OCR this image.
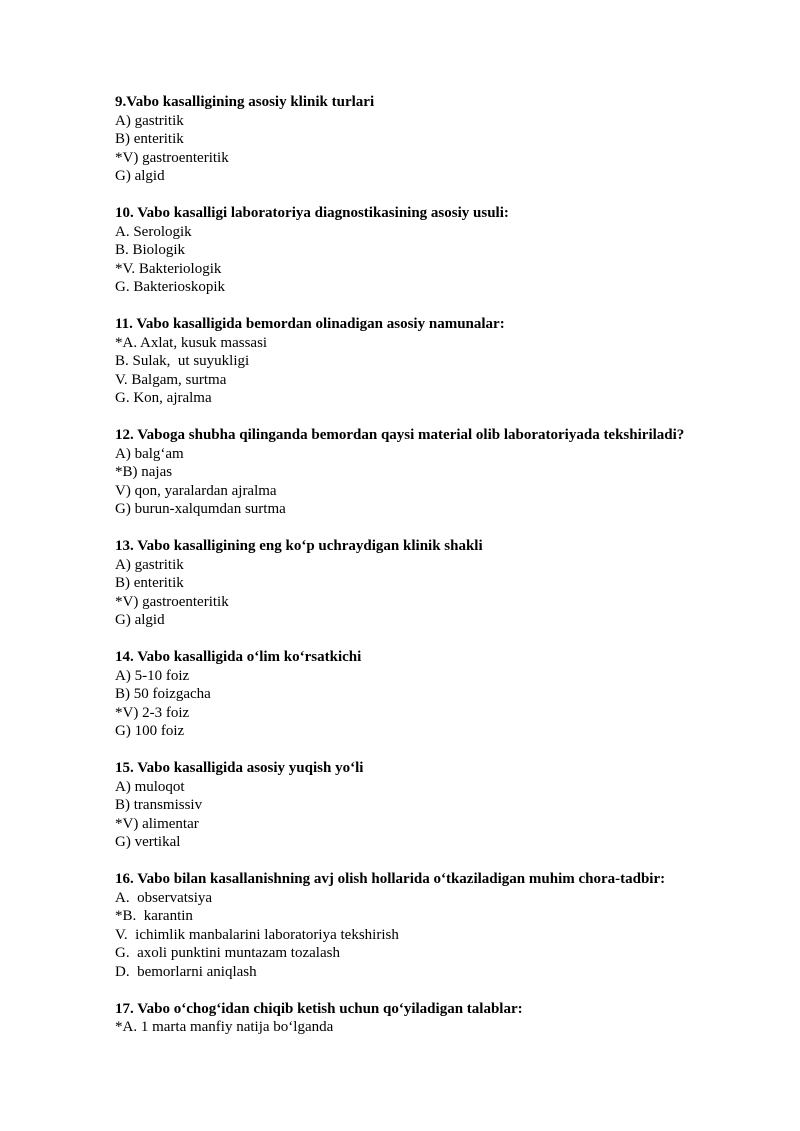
9.Vabo kasalligining asosiy klinik turlari
A) gastritik
B) enteritik
*V) gastroenteritik
G) algid
10. Vabo kasalligi laboratoriya diagnostikasining asosiy usuli:
A. Serologik
B. Biologik
*V. Bakteriologik
G. Bakterioskopik
11. Vabo kasalligida bemordan olinadigan asosiy namunalar:
*A. Axlat, kusuk massasi
B. Sulak,  ut suyukligi
V. Balgam, surtma
G. Kon, ajralma
12. Vaboga shubha qilinganda bemordan qaysi material olib laboratoriyada tekshiriladi?
A) balg‘am
*B) najas
V) qon, yaralardan ajralma
G) burun-xalqumdan surtma
13. Vabo kasalligining eng ko‘p uchraydigan klinik shakli
A) gastritik
B) enteritik
*V) gastroenteritik
G) algid
14. Vabo kasalligida o‘lim ko‘rsatkichi
A) 5-10 foiz
B) 50 foizgacha
*V) 2-3 foiz
G) 100 foiz
15. Vabo kasalligida asosiy yuqish yo‘li
A) muloqot
B) transmissiv
*V) alimentar
G) vertikal
16. Vabo bilan kasallanishning avj olish hollarida o‘tkaziladigan muhim chora-tadbir:
A.  observatsiya
*B.  karantin
V.  ichimlik manbalarini laboratoriya tekshirish
G.  axoli punktini muntazam tozalash
D.  bemorlarni aniqlash
17. Vabo o‘chog‘idan chiqib ketish uchun qo‘yiladigan talablar:
*A. 1 marta manfiy natija bo‘lganda
